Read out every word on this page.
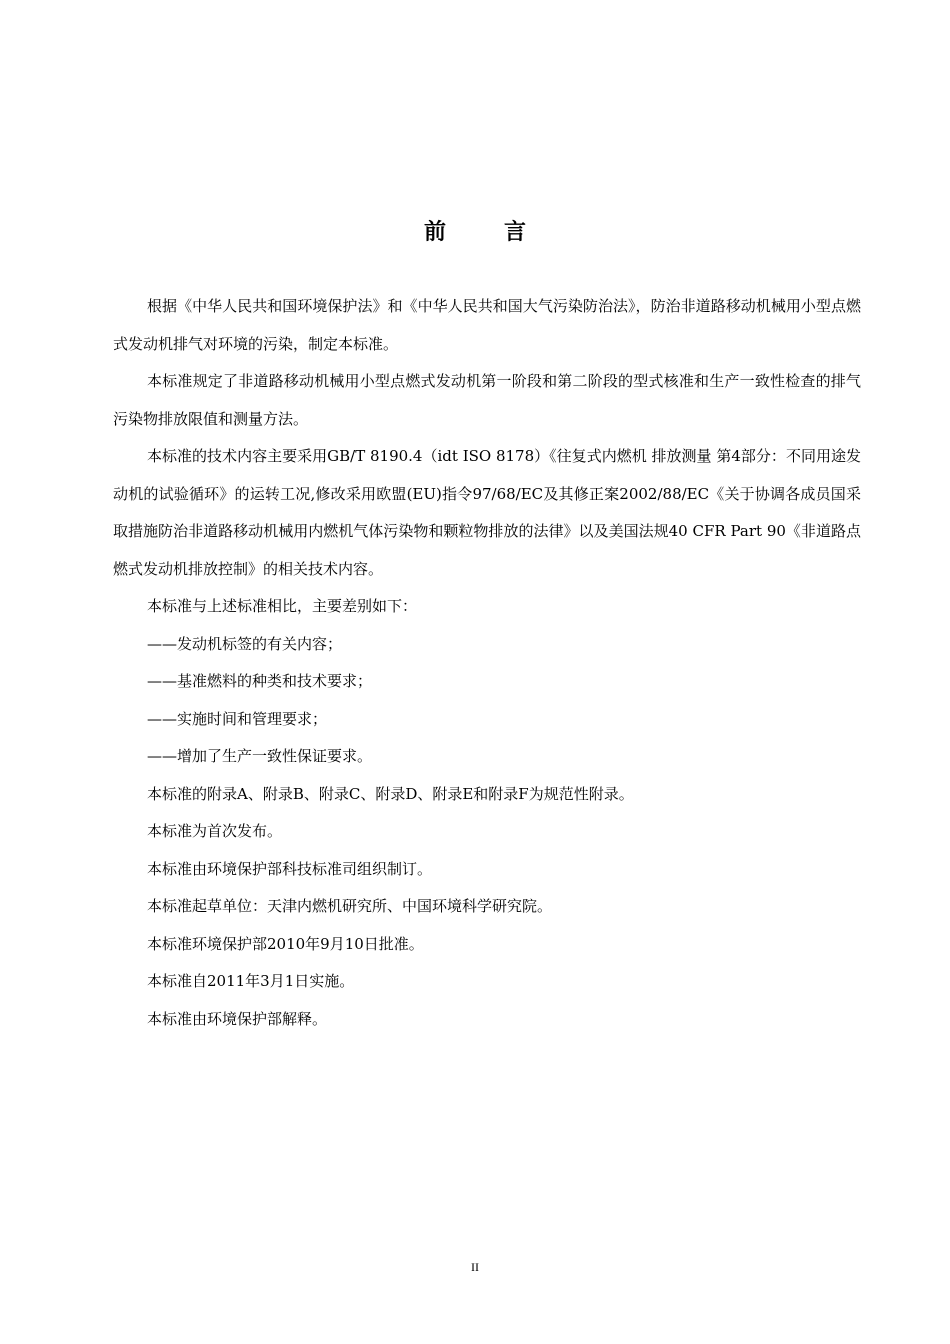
前	言

根据《中华人民共和国环境保护法》和《中华人民共和国大气污染防治法》，防治非道路移动机械用小型点燃式发动机排气对环境的污染，制定本标准。

本标准规定了非道路移动机械用小型点燃式发动机第一阶段和第二阶段的型式核准和生产一致性检查的排气污染物排放限值和测量方法。

本标准的技术内容主要采用GB/T 8190.4（idt ISO 8178）《往复式内燃机 排放测量 第4部分：不同用途发动机的试验循环》的运转工况,修改采用欧盟(EU)指令97/68/EC及其修正案2002/88/EC《关于协调各成员国采取措施防治非道路移动机械用内燃机气体污染物和颗粒物排放的法律》以及美国法规40 CFR Part 90《非道路点燃式发动机排放控制》的相关技术内容。

本标准与上述标准相比，主要差别如下：

——发动机标签的有关内容；

——基准燃料的种类和技术要求；

——实施时间和管理要求；

——增加了生产一致性保证要求。

本标准的附录A、附录B、附录C、附录D、附录E和附录F为规范性附录。

本标准为首次发布。

本标准由环境保护部科技标准司组织制订。

本标准起草单位：天津内燃机研究所、中国环境科学研究院。

本标准环境保护部2010年9月10日批准。

本标准自2011年3月1日实施。

本标准由环境保护部解释。

II
